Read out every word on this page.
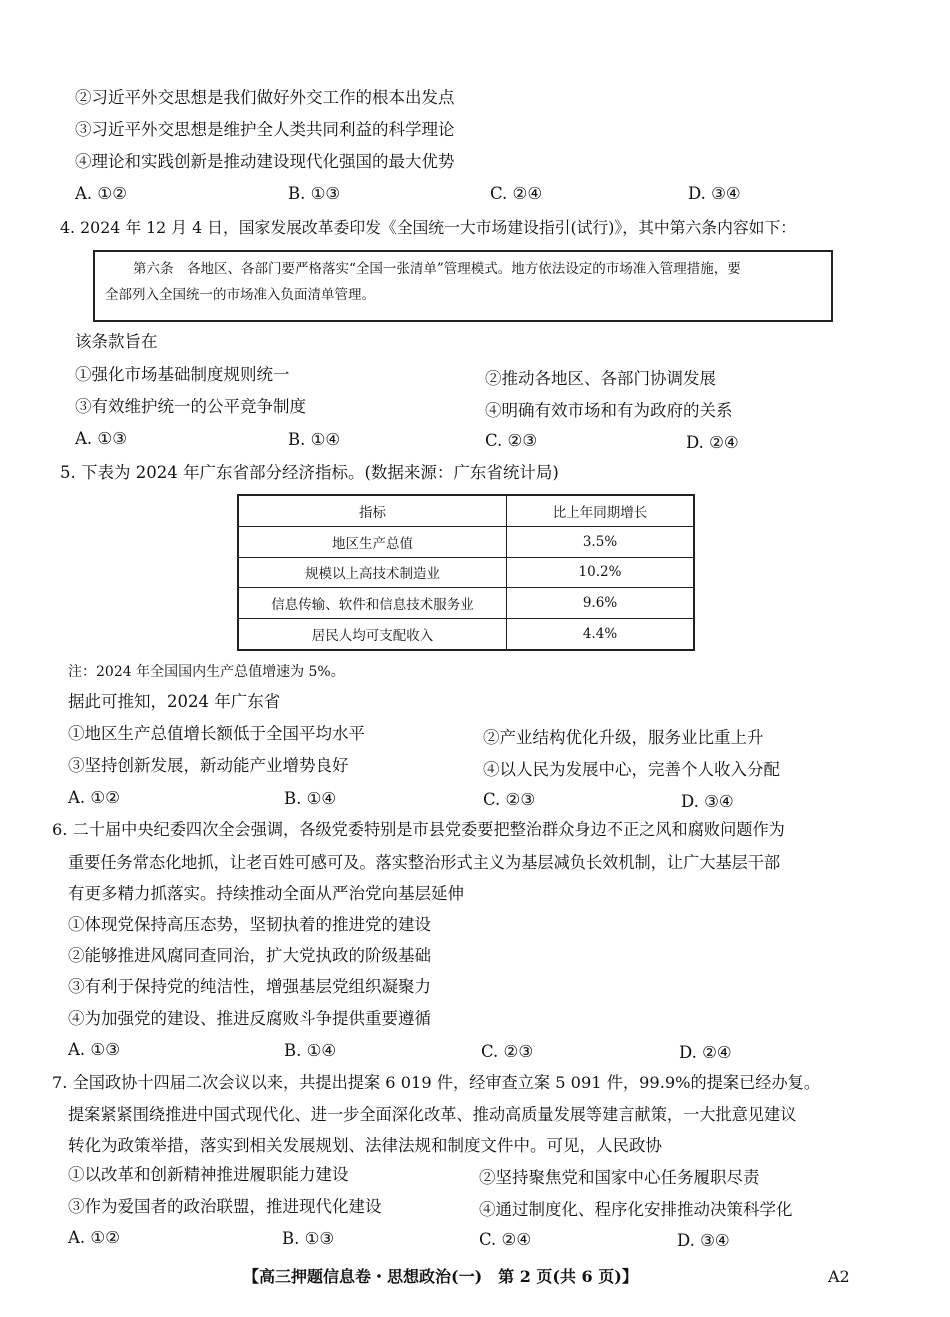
②习近平外交思想是我们做好外交工作的根本出发点
③习近平外交思想是维护全人类共同利益的科学理论
④理论和实践创新是推动建设现代化强国的最大优势
A. ①②	B. ①③	C. ②④	D. ③④
4. 2024 年 12 月 4 日，国家发展改革委印发《全国统一大市场建设指引(试行)》，其中第六条内容如下：
第六条　各地区、各部门要严格落实“全国一张清单”管理模式。地方依法设定的市场准入管理措施，要
全部列入全国统一的市场准入负面清单管理。
该条款旨在
①强化市场基础制度规则统一	②推动各地区、各部门协调发展
③有效维护统一的公平竞争制度	④明确有效市场和有为政府的关系
A. ①③	B. ①④	C. ②③	D. ②④
5. 下表为 2024 年广东省部分经济指标。(数据来源：广东省统计局)
指标	比上年同期增长
地区生产总值	3.5%
规模以上高技术制造业	10.2%
信息传输、软件和信息技术服务业	9.6%
居民人均可支配收入	4.4%
注：2024 年全国国内生产总值增速为 5%。
据此可推知，2024 年广东省
①地区生产总值增长额低于全国平均水平	②产业结构优化升级，服务业比重上升
③坚持创新发展，新动能产业增势良好	④以人民为发展中心，完善个人收入分配
A. ①②	B. ①④	C. ②③	D. ③④
6. 二十届中央纪委四次全会强调，各级党委特别是市县党委要把整治群众身边不正之风和腐败问题作为
重要任务常态化地抓，让老百姓可感可及。落实整治形式主义为基层减负长效机制，让广大基层干部
有更多精力抓落实。持续推动全面从严治党向基层延伸
①体现党保持高压态势，坚韧执着的推进党的建设
②能够推进风腐同查同治，扩大党执政的阶级基础
③有利于保持党的纯洁性，增强基层党组织凝聚力
④为加强党的建设、推进反腐败斗争提供重要遵循
A. ①③	B. ①④	C. ②③	D. ②④
7. 全国政协十四届二次会议以来，共提出提案 6 019 件，经审查立案 5 091 件，99.9%的提案已经办复。
提案紧紧围绕推进中国式现代化、进一步全面深化改革、推动高质量发展等建言献策，一大批意见建议
转化为政策举措，落实到相关发展规划、法律法规和制度文件中。可见，人民政协
①以改革和创新精神推进履职能力建设	②坚持聚焦党和国家中心任务履职尽责
③作为爱国者的政治联盟，推进现代化建设	④通过制度化、程序化安排推动决策科学化
A. ①②	B. ①③	C. ②④	D. ③④
【高三押题信息卷・思想政治(一)　第 2 页(共 6 页)】	A2
